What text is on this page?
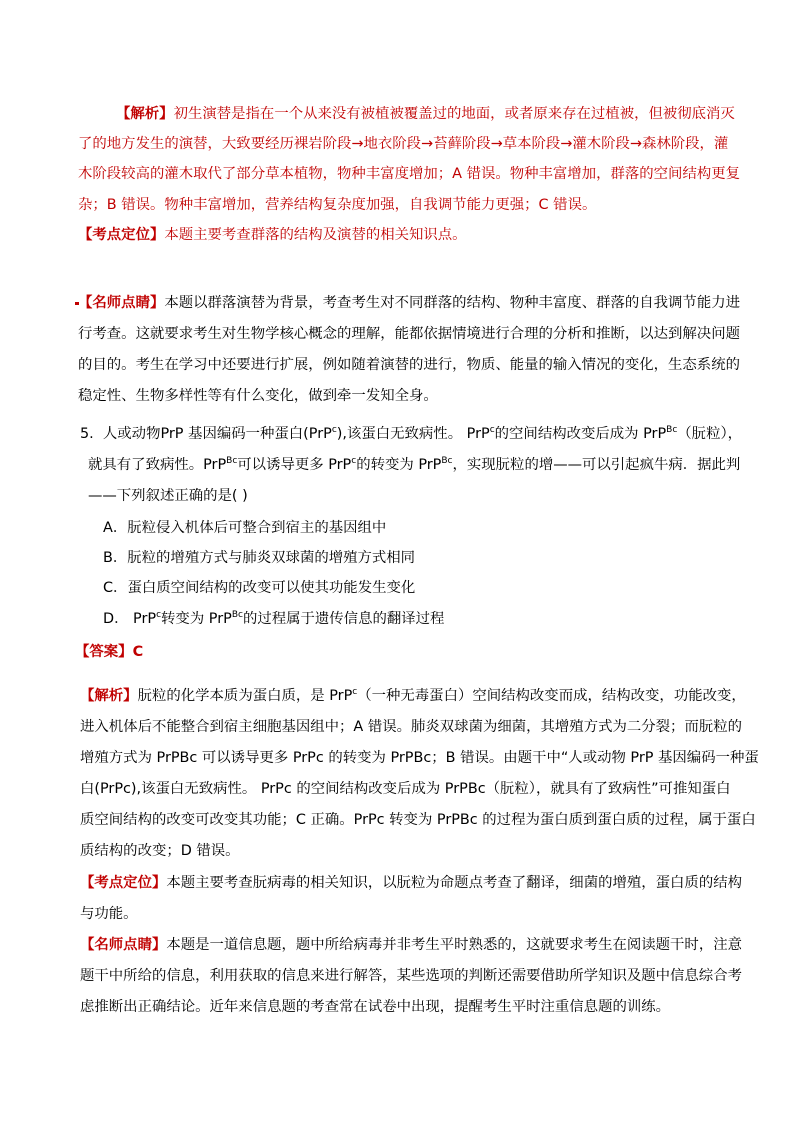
【解析】初生演替是指在一个从来没有被植被覆盖过的地面，或者原来存在过植被，但被彻底消灭
了的地方发生的演替，大致要经历裸岩阶段→地衣阶段→苔藓阶段→草本阶段→灌木阶段→森林阶段，灌
木阶段较高的灌木取代了部分草本植物，物种丰富度增加；A 错误。物种丰富增加，群落的空间结构更复
杂；B 错误。物种丰富增加，营养结构复杂度加强，自我调节能力更强；C 错误。
【考点定位】本题主要考查群落的结构及演替的相关知识点。
【名师点睛】本题以群落演替为背景，考查考生对不同群落的结构、物种丰富度、群落的自我调节能力进
行考查。这就要求考生对生物学核心概念的理解，能都依据情境进行合理的分析和推断，以达到解决问题
的目的。考生在学习中还要进行扩展，例如随着演替的进行，物质、能量的输入情况的变化，生态系统的
稳定性、生物多样性等有什么变化，做到牵一发知全身。
5. 人或动物PrP 基因编码一种蛋白(PrP$^c$),该蛋白无致病性。 PrP$^c$的空间结构改变后成为 PrP$^{Bc}$（朊粒），
就具有了致病性。PrP$^{Bc}$可以诱导更多 PrP$^c$的转变为 PrP$^{Bc}$，实现朊粒的增——可以引起疯牛病．据此判
——下列叙述正确的是( )
A．朊粒侵入机体后可整合到宿主的基因组中
B．朊粒的增殖方式与肺炎双球菌的增殖方式相同
C．蛋白质空间结构的改变可以使其功能发生变化
D． PrP$^c$转变为 PrP$^{Bc}$的过程属于遗传信息的翻译过程
【答案】C
【解析】朊粒的化学本质为蛋白质，是 PrP$^c$（一种无毒蛋白）空间结构改变而成，结构改变，功能改变，
进入机体后不能整合到宿主细胞基因组中；A 错误。肺炎双球菌为细菌，其增殖方式为二分裂；而朊粒的
增殖方式为 PrPBc 可以诱导更多 PrPc 的转变为 PrPBc；B 错误。由题干中“人或动物 PrP 基因编码一种蛋
白(PrPc),该蛋白无致病性。 PrPc 的空间结构改变后成为 PrPBc（朊粒），就具有了致病性”可推知蛋白
质空间结构的改变可改变其功能；C 正确。PrPc 转变为 PrPBc 的过程为蛋白质到蛋白质的过程，属于蛋白
质结构的改变；D 错误。
【考点定位】本题主要考查朊病毒的相关知识，以朊粒为命题点考查了翻译，细菌的增殖，蛋白质的结构
与功能。
【名师点睛】本题是一道信息题，题中所给病毒并非考生平时熟悉的，这就要求考生在阅读题干时，注意
题干中所给的信息，利用获取的信息来进行解答，某些选项的判断还需要借助所学知识及题中信息综合考
虑推断出正确结论。近年来信息题的考查常在试卷中出现，提醒考生平时注重信息题的训练。
